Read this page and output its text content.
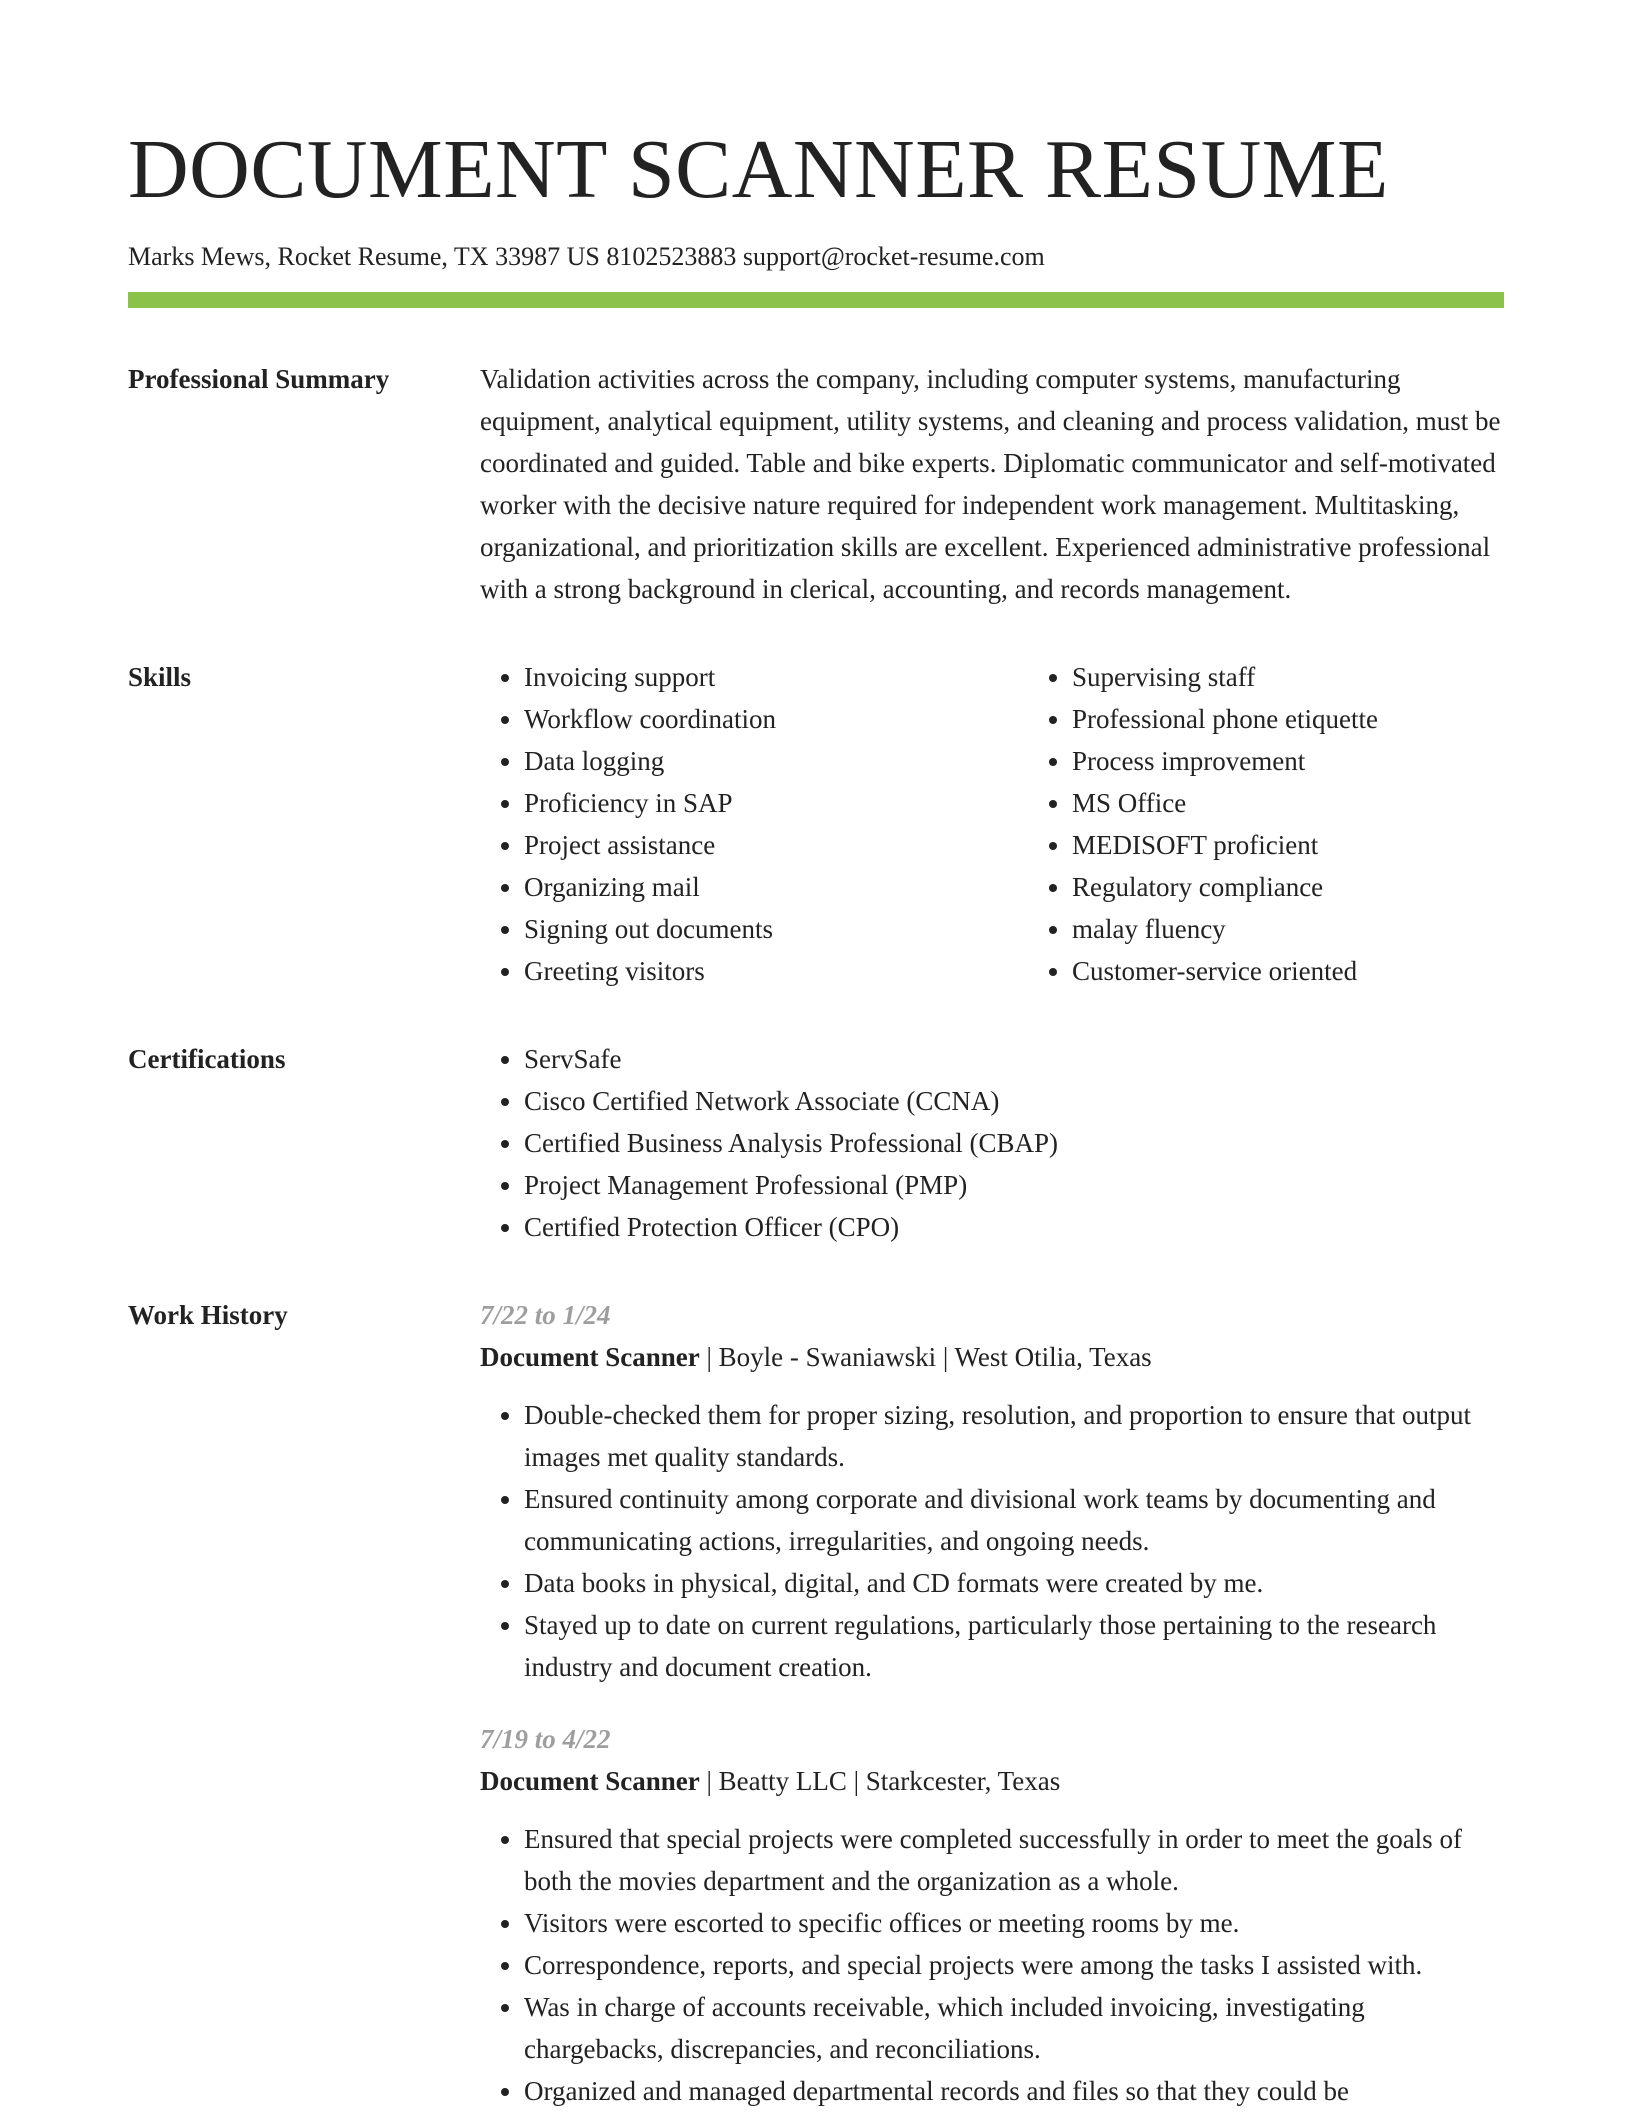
DOCUMENT SCANNER RESUME
Marks Mews, Rocket Resume, TX 33987 US 8102523883 support@rocket-resume.com
Professional Summary	Validation activities across the company, including computer systems, manufacturing equipment, analytical equipment, utility systems, and cleaning and process validation, must be coordinated and guided. Table and bike experts. Diplomatic communicator and self-motivated worker with the decisive nature required for independent work management. Multitasking, organizational, and prioritization skills are excellent. Experienced administrative professional with a strong background in clerical, accounting, and records management.

Skills	• Invoicing support
• Workflow coordination
• Data logging
• Proficiency in SAP
• Project assistance
• Organizing mail
• Signing out documents
• Greeting visitors
• Supervising staff
• Professional phone etiquette
• Process improvement
• MS Office
• MEDISOFT proficient
• Regulatory compliance
• malay fluency
• Customer-service oriented
Certifications	• ServSafe
• Cisco Certified Network Associate (CCNA)
• Certified Business Analysis Professional (CBAP)
• Project Management Professional (PMP)
• Certified Protection Officer (CPO)
Work History	7/22 to 1/24
Document Scanner | Boyle - Swaniawski | West Otilia, Texas
• Double-checked them for proper sizing, resolution, and proportion to ensure that output images met quality standards.
• Ensured continuity among corporate and divisional work teams by documenting and communicating actions, irregularities, and ongoing needs.
• Data books in physical, digital, and CD formats were created by me.
• Stayed up to date on current regulations, particularly those pertaining to the research industry and document creation.
7/19 to 4/22
Document Scanner | Beatty LLC | Starkcester, Texas
• Ensured that special projects were completed successfully in order to meet the goals of both the movies department and the organization as a whole.
• Visitors were escorted to specific offices or meeting rooms by me.
• Correspondence, reports, and special projects were among the tasks I assisted with.
• Was in charge of accounts receivable, which included invoicing, investigating chargebacks, discrepancies, and reconciliations.
• Organized and managed departmental records and files so that they could be
